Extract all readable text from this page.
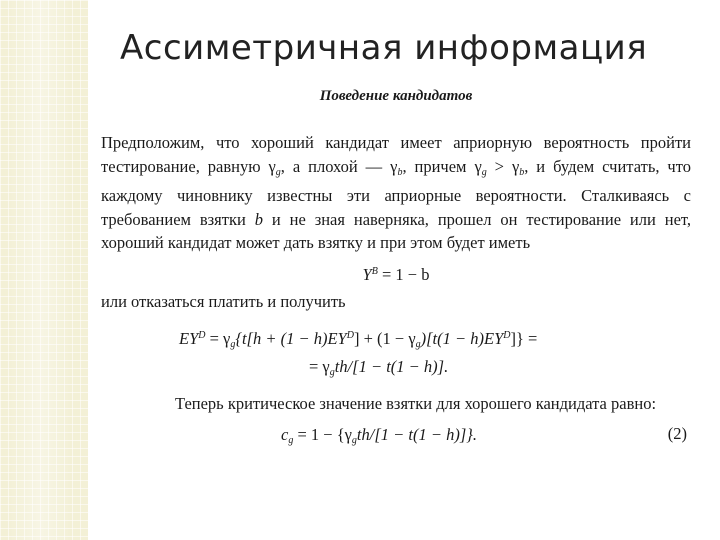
Ассиметричная информация
Поведение кандидатов

Предположим, что хороший кандидат имеет априорную вероятность пройти тестирование, равную $\gamma_g$, а плохой — $\gamma_b$, причем $\gamma_g > \gamma_b$, и будем считать, что каждому чиновнику известны эти априорные вероятности. Сталкиваясь с требованием взятки b и не зная наверняка, прошел он тестирование или нет, хороший кандидат может дать взятку и при этом будет иметь

$Y^B = 1 - b$

или отказаться платить и получить

$EY^D = \gamma_g\{t[h + (1 - h)EY^D] + (1 - \gamma_g)[t(1 - h)EY^D]\}$ =
= $\gamma_gth/[1 - t(1 - h)]$.

Теперь критическое значение взятки для хорошего кандидата равно:

$c_g = 1 - \{\gamma_gth/[1 - t(1 - h)]\}$.	(2)
